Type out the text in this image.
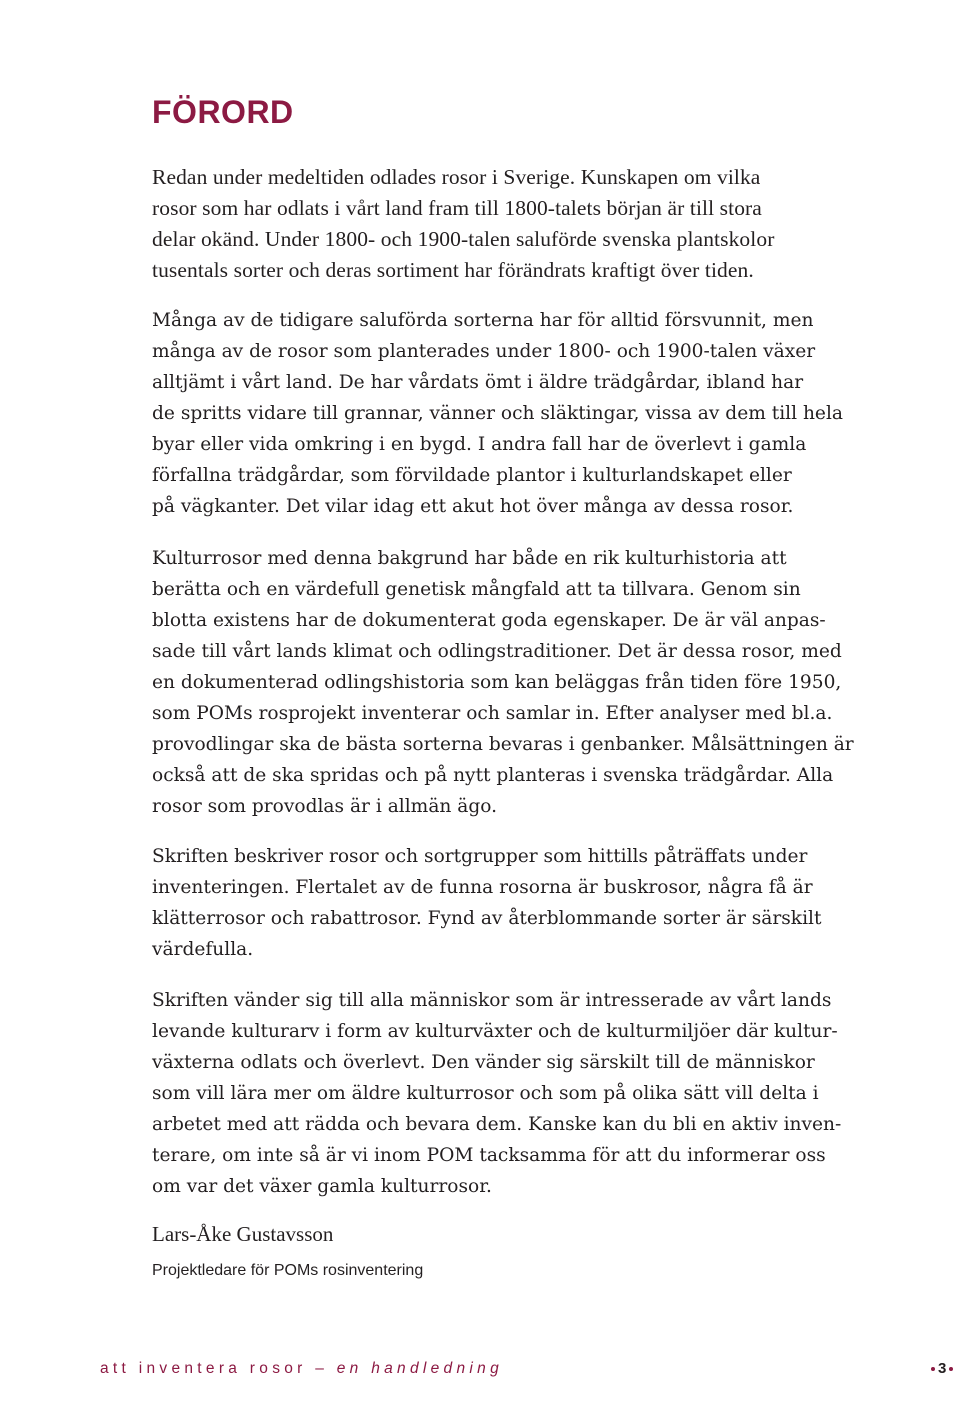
FÖRORD
Redan under medeltiden odlades rosor i Sverige. Kunskapen om vilka
rosor som har odlats i vårt land fram till 1800-talets början är till stora
delar okänd. Under 1800- och 1900-talen saluförde svenska plantskolor
tusentals sorter och deras sortiment har förändrats kraftigt över tiden.
Många av de tidigare saluförda sorterna har för alltid försvunnit, men
många av de rosor som planterades under 1800- och 1900-talen växer
alltjämt i vårt land. De har vårdats ömt i äldre trädgårdar, ibland har
de spritts vidare till grannar, vänner och släktingar, vissa av dem till hela
byar eller vida omkring i en bygd. I andra fall har de överlevt i gamla
förfallna trädgårdar, som förvildade plantor i kulturlandskapet eller
på vägkanter. Det vilar idag ett akut hot över många av dessa rosor.
Kulturrosor med denna bakgrund har både en rik kulturhistoria att
berätta och en värdefull genetisk mångfald att ta tillvara. Genom sin
blotta existens har de dokumenterat goda egenskaper. De är väl anpas-
sade till vårt lands klimat och odlingstraditioner. Det är dessa rosor, med
en dokumenterad odlingshistoria som kan beläggas från tiden före 1950,
som POMs rosprojekt inventerar och samlar in. Efter analyser med bl.a.
provodlingar ska de bästa sorterna bevaras i genbanker. Målsättningen är
också att de ska spridas och på nytt planteras i svenska trädgårdar. Alla
rosor som provodlas är i allmän ägo.
Skriften beskriver rosor och sortgrupper som hittills påträffats under
inventeringen. Flertalet av de funna rosorna är buskrosor, några få är
klätterrosor och rabattrosor. Fynd av återblommande sorter är särskilt
värdefulla.
Skriften vänder sig till alla människor som är intresserade av vårt lands
levande kulturarv i form av kulturväxter och de kulturmiljöer där kultur-
växterna odlats och överlevt. Den vänder sig särskilt till de människor
som vill lära mer om äldre kulturrosor och som på olika sätt vill delta i
arbetet med att rädda och bevara dem. Kanske kan du bli en aktiv inven-
terare, om inte så är vi inom POM tacksamma för att du informerar oss
om var det växer gamla kulturrosor.
Lars-Åke Gustavsson
Projektledare för POMs rosinventering
att inventera rosor – en handledning	3
